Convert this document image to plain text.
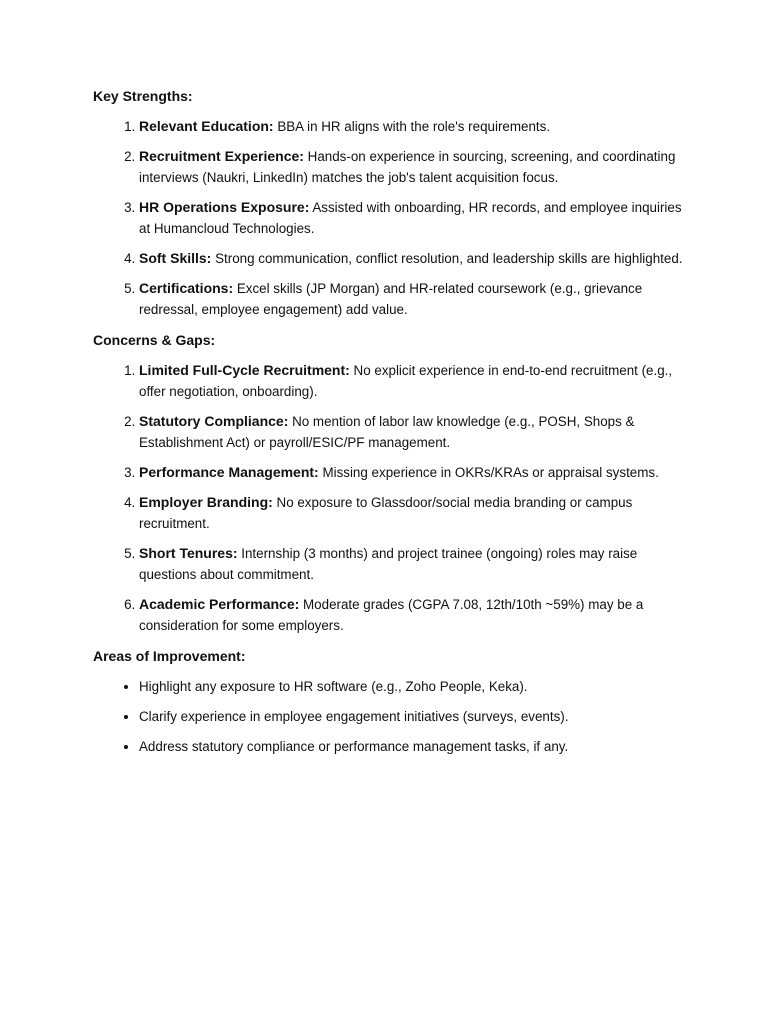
Key Strengths:
1. Relevant Education: BBA in HR aligns with the role's requirements.
2. Recruitment Experience: Hands-on experience in sourcing, screening, and coordinating interviews (Naukri, LinkedIn) matches the job's talent acquisition focus.
3. HR Operations Exposure: Assisted with onboarding, HR records, and employee inquiries at Humancloud Technologies.
4. Soft Skills: Strong communication, conflict resolution, and leadership skills are highlighted.
5. Certifications: Excel skills (JP Morgan) and HR-related coursework (e.g., grievance redressal, employee engagement) add value.
Concerns & Gaps:
1. Limited Full-Cycle Recruitment: No explicit experience in end-to-end recruitment (e.g., offer negotiation, onboarding).
2. Statutory Compliance: No mention of labor law knowledge (e.g., POSH, Shops & Establishment Act) or payroll/ESIC/PF management.
3. Performance Management: Missing experience in OKRs/KRAs or appraisal systems.
4. Employer Branding: No exposure to Glassdoor/social media branding or campus recruitment.
5. Short Tenures: Internship (3 months) and project trainee (ongoing) roles may raise questions about commitment.
6. Academic Performance: Moderate grades (CGPA 7.08, 12th/10th ~59%) may be a consideration for some employers.
Areas of Improvement:
• Highlight any exposure to HR software (e.g., Zoho People, Keka).
• Clarify experience in employee engagement initiatives (surveys, events).
• Address statutory compliance or performance management tasks, if any.
